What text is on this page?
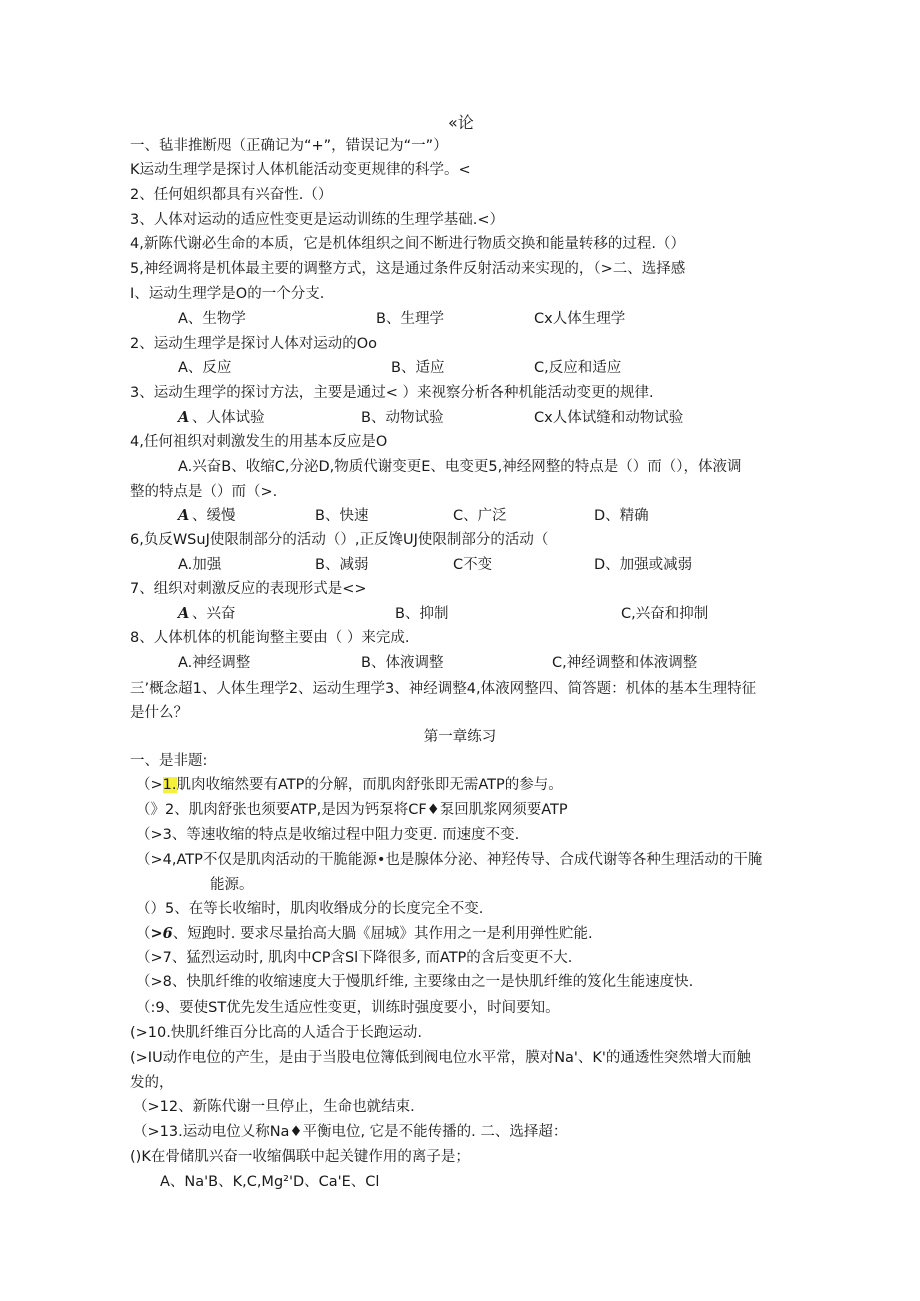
«论
一、毡非推断咫（正确记为“+”，错误记为“一”）
K运动生理学是探讨人体机能活动变更规律的科学。<
2、任何姐织都具有兴奋性.（）
3、人体对运动的适应性变更是运动训练的生理学基础.<）
4,新陈代谢必生命的本质，它是机体组织之间不断进行物质交换和能量转移的过程.（）
5,神经调将是机体最主要的调整方式，这是通过条件反射活动来实现的，（>二、选择感
I、运动生理学是O的一个分支.
A、生物学	B、生理学	Cx人体生理学
2、运动生理学是探讨人体对运动的Oo
A、反应	B、适应	C,反应和适应
3、运动生理学的探讨方法，主要是通过< ）来视察分析各种机能活动变更的规律.
A 、人体试验	B、动物试验	Cx人体试缝和动物试验
4,任何祖织对刺激发生的用基本反应是O
A.兴奋B、收缩C,分泌D,物质代谢变更E、电变更5,神经网整的特点是（）而（），体液调
整的特点是（）而（>.
A 、缓慢	B、快速	C、广泛	D、精确
6,负反WSuJ使限制部分的活动（）,正反馋UJ使限制部分的活动（
A.加强	B、减弱	C不变	D、加强或减弱
7、组织对刺激反应的表现形式是<>
A 、兴奋	B、抑制	C,兴奋和抑制
8、人体机体的机能询整主要由（ ）来完成.
A.神经调整	B、体液调整	C,神经调整和体液调整
三’概念超1、人体生理学2、运动生理学3、神经调整4,体液网整四、简答题：机体的基本生理特征
是什么？
第一章练习
一、是非题:
（>1.肌肉收缩然要有ATP的分解，而肌肉舒张即无需ATP的参与。
（》2、肌肉舒张也须要ATP,是因为钙泵将CF♦泵回肌浆网须要ATP
（>3、等速收缩的特点是收缩过程中阻力变更. 而速度不变.
（>4,ATP不仅是肌肉活动的干脆能源•也是腺体分泌、神羟传导、合成代谢等各种生理活动的干腌
能源。
（）5、在等长收缩时，肌肉收缗成分的长度完全不变.
（>6、短跑时. 要求尽量抬高大腡《屈城》其作用之一是利用弹性贮能.
（>7、猛烈运动时, 肌肉中CP含Sl下降很多, 而ATP的含后变更不大.
（>8、快肌纤维的收缩速度大于慢肌纤维, 主要缘由之一是快肌纤维的笈化生能速度快.
（:9、要使ST优先发生适应性变更，训练时强度要小，时间要知。
(>10.快肌纤维百分比高的人适合于长跑运动.
(>IU动作电位的产生，是由于当股电位簿低到阀电位水平常，膜对Na'、K'的通透性突然增大而触
发的，
（>12、新陈代谢一旦停止，生命也就结束.
（>13.运动电位乂称Na♦平衡电位, 它是不能传播的. 二、选择超：
()K在骨储肌兴奋一收缩偶联中起关键作用的离子是；
A、Na'B、K,C,Mg²'D、Ca'E、Cl
